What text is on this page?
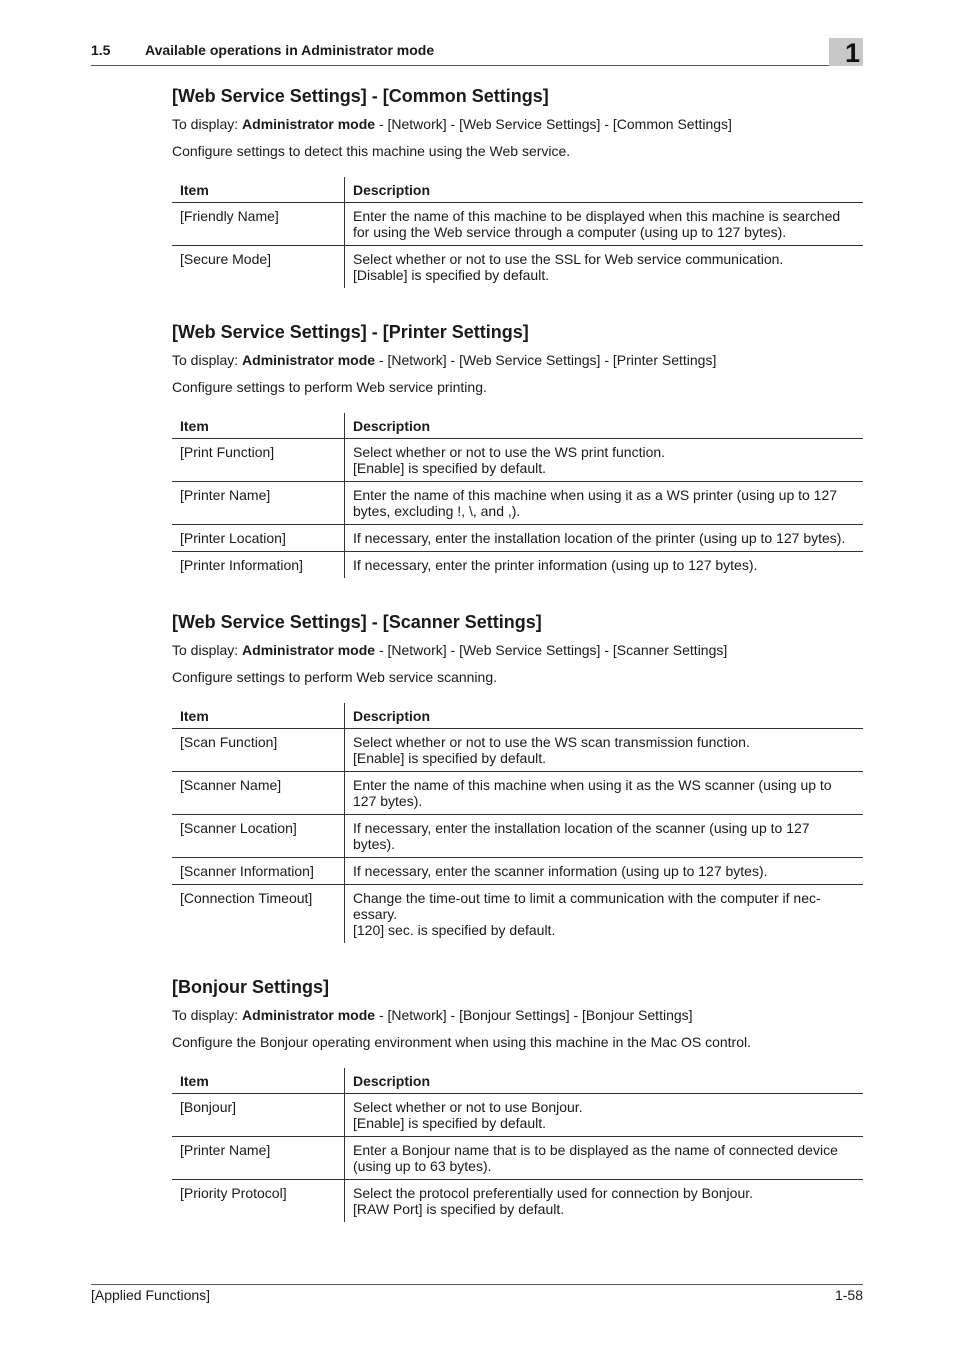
1.5 Available operations in Administrator mode	1
[Web Service Settings] - [Common Settings]
To display: Administrator mode - [Network] - [Web Service Settings] - [Common Settings]
Configure settings to detect this machine using the Web service.
Item	Description
[Friendly Name]	Enter the name of this machine to be displayed when this machine is searched for using the Web service through a computer (using up to 127 bytes).
[Secure Mode]	Select whether or not to use the SSL for Web service communication.
[Disable] is specified by default.
[Web Service Settings] - [Printer Settings]
To display: Administrator mode - [Network] - [Web Service Settings] - [Printer Settings]
Configure settings to perform Web service printing.
Item	Description
[Print Function]	Select whether or not to use the WS print function.
[Enable] is specified by default.
[Printer Name]	Enter the name of this machine when using it as a WS printer (using up to 127 bytes, excluding !, \, and ,).
[Printer Location]	If necessary, enter the installation location of the printer (using up to 127 bytes).
[Printer Information]	If necessary, enter the printer information (using up to 127 bytes).
[Web Service Settings] - [Scanner Settings]
To display: Administrator mode - [Network] - [Web Service Settings] - [Scanner Settings]
Configure settings to perform Web service scanning.
Item	Description
[Scan Function]	Select whether or not to use the WS scan transmission function.
[Enable] is specified by default.
[Scanner Name]	Enter the name of this machine when using it as the WS scanner (using up to 127 bytes).
[Scanner Location]	If necessary, enter the installation location of the scanner (using up to 127 bytes).
[Scanner Information]	If necessary, enter the scanner information (using up to 127 bytes).
[Connection Timeout]	Change the time-out time to limit a communication with the computer if nec-
essary.
[120] sec. is specified by default.
[Bonjour Settings]
To display: Administrator mode - [Network] - [Bonjour Settings] - [Bonjour Settings]
Configure the Bonjour operating environment when using this machine in the Mac OS control.
Item	Description
[Bonjour]	Select whether or not to use Bonjour.
[Enable] is specified by default.
[Printer Name]	Enter a Bonjour name that is to be displayed as the name of connected device (using up to 63 bytes).
[Priority Protocol]	Select the protocol preferentially used for connection by Bonjour.
[RAW Port] is specified by default.
[Applied Functions]	1-58
